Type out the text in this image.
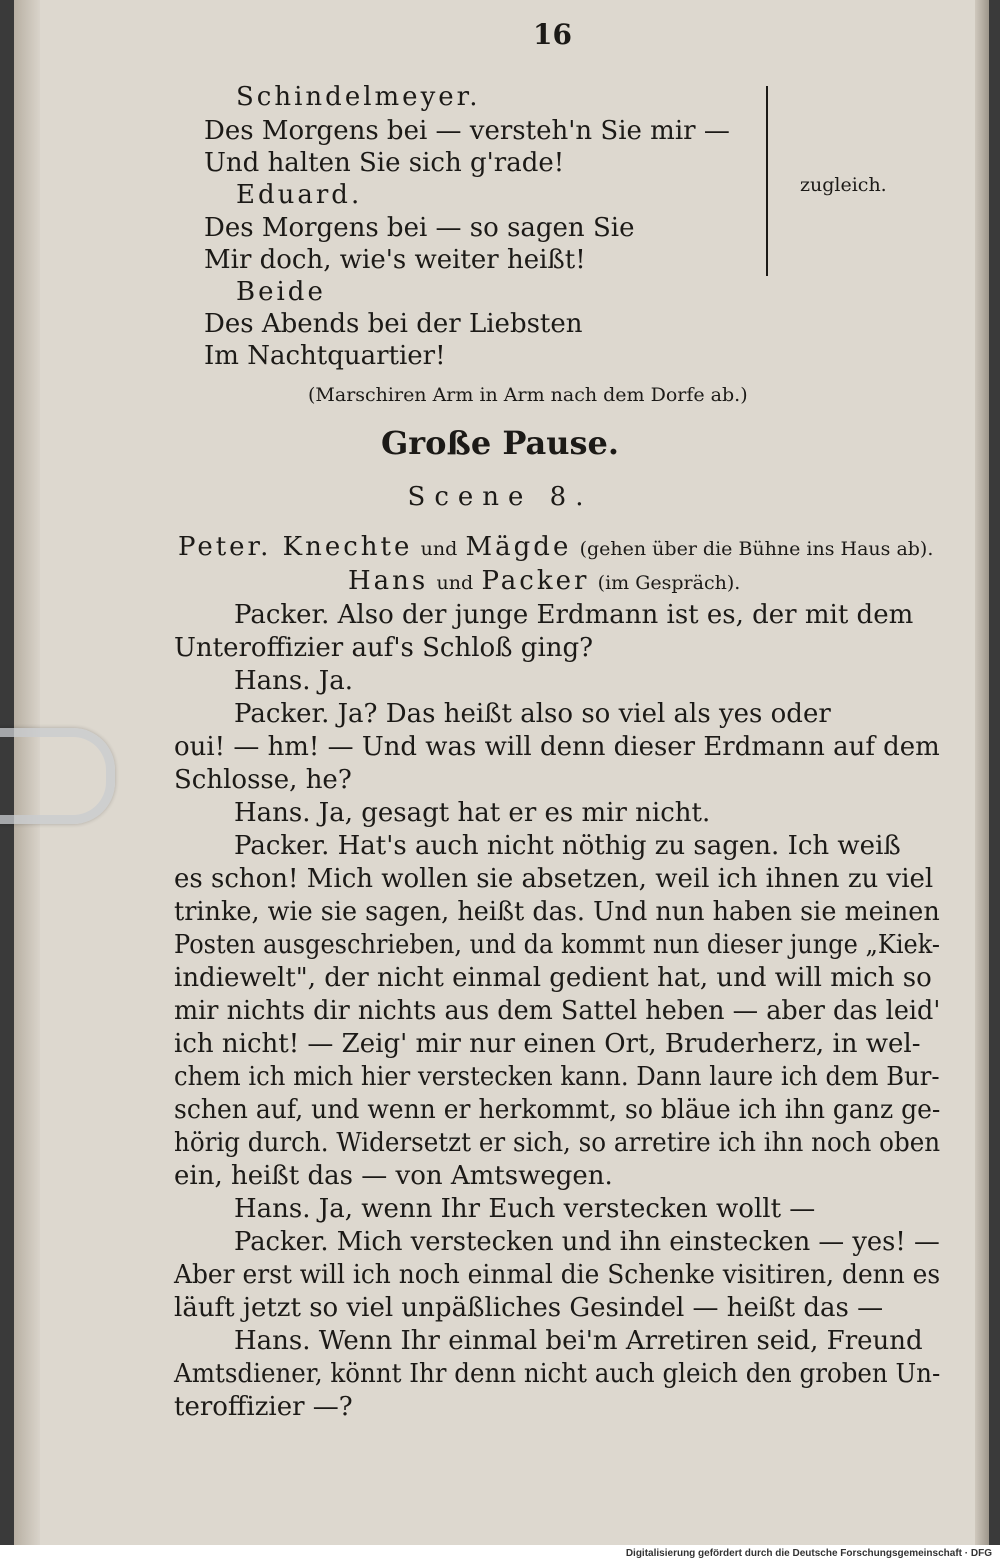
16
Schindelmeyer.
Des Morgens bei — versteh'n Sie mir —
Und halten Sie sich g'rade!
Eduard.
Des Morgens bei — so sagen Sie
Mir doch, wie's weiter heißt!
Beide
Des Abends bei der Liebsten
Im Nachtquartier!
zugleich.
(Marschiren Arm in Arm nach dem Dorfe ab.)
Große Pause.
Scene 8.
Peter. Knechte und Mägde (gehen über die Bühne ins Haus ab).
Hans und Packer (im Gespräch).
Packer. Also der junge Erdmann ist es, der mit dem
Unteroffizier auf's Schloß ging?
Hans. Ja.
Packer. Ja? Das heißt also so viel als yes oder
oui! — hm! — Und was will denn dieser Erdmann auf dem
Schlosse, he?
Hans. Ja, gesagt hat er es mir nicht.
Packer. Hat's auch nicht nöthig zu sagen. Ich weiß
es schon! Mich wollen sie absetzen, weil ich ihnen zu viel
trinke, wie sie sagen, heißt das. Und nun haben sie meinen
Posten ausgeschrieben, und da kommt nun dieser junge „Kiek-
indiewelt", der nicht einmal gedient hat, und will mich so
mir nichts dir nichts aus dem Sattel heben — aber das leid'
ich nicht! — Zeig' mir nur einen Ort, Bruderherz, in wel-
chem ich mich hier verstecken kann. Dann laure ich dem Bur-
schen auf, und wenn er herkommt, so bläue ich ihn ganz ge-
hörig durch. Widersetzt er sich, so arretire ich ihn noch oben
ein, heißt das — von Amtswegen.
Hans. Ja, wenn Ihr Euch verstecken wollt —
Packer. Mich verstecken und ihn einstecken — yes! —
Aber erst will ich noch einmal die Schenke visitiren, denn es
läuft jetzt so viel unpäßliches Gesindel — heißt das —
Hans. Wenn Ihr einmal bei'm Arretiren seid, Freund
Amtsdiener, könnt Ihr denn nicht auch gleich den groben Un-
teroffizier —?
Digitalisierung gefördert durch die Deutsche Forschungsgemeinschaft · DFG
